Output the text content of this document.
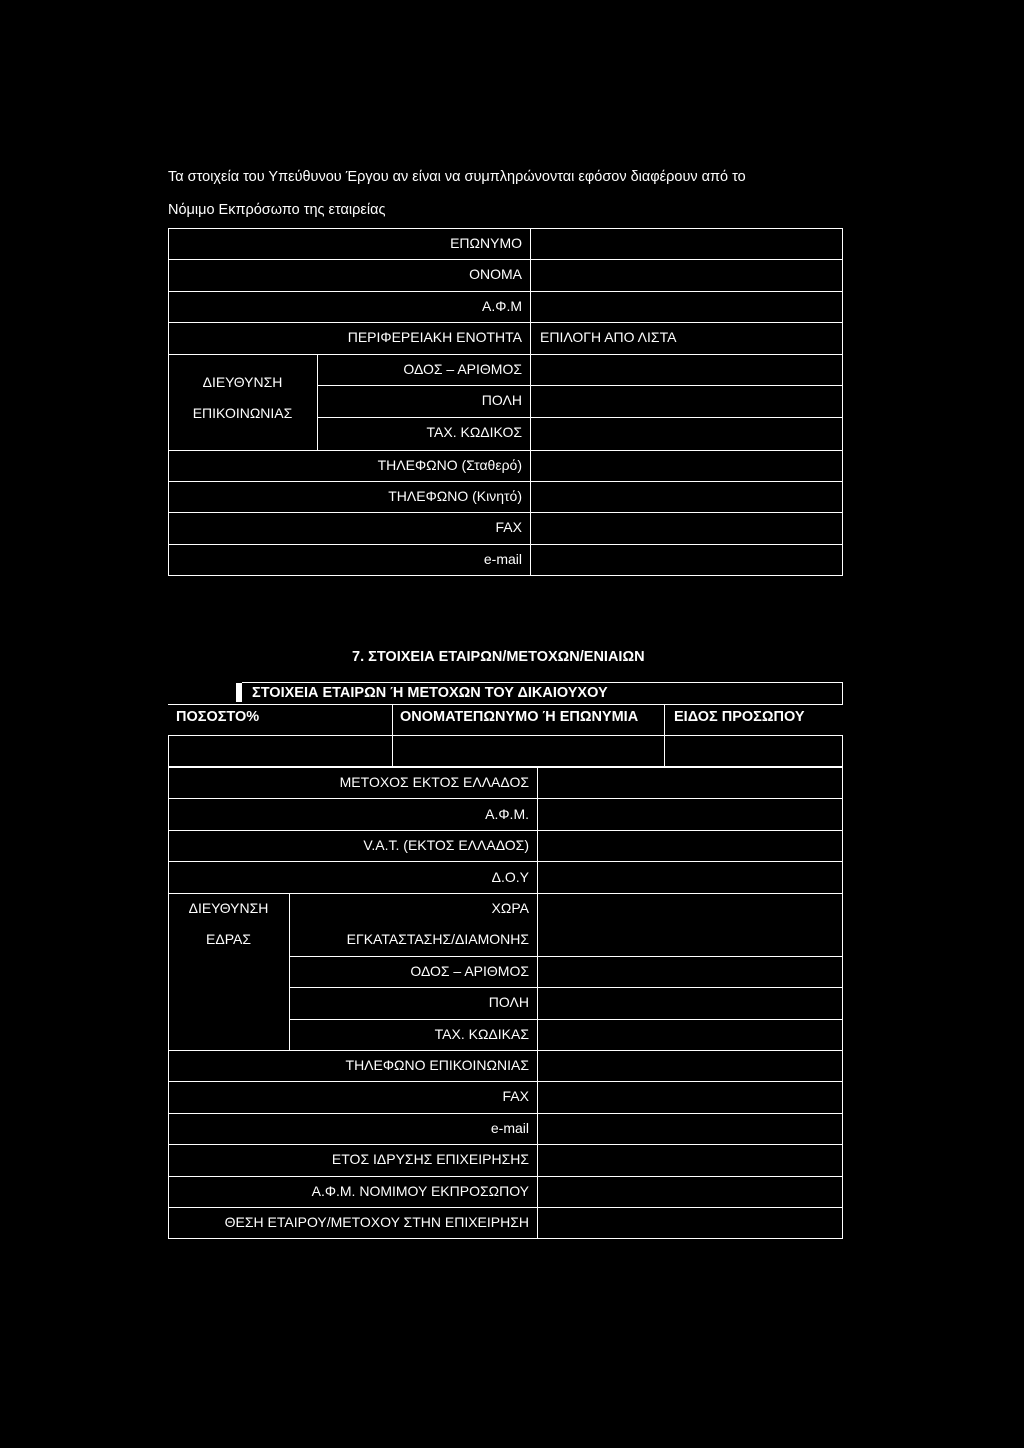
Τα στοιχεία του Υπεύθυνου Έργου αν είναι να συμπληρώνονται εφόσον διαφέρουν από το
Νόμιμο Εκπρόσωπο της εταιρείας
ΕΠΩΝΥΜΟ
ΟΝΟΜΑ
Α.Φ.Μ
ΠΕΡΙΦΕΡΕΙΑΚΗ ΕΝΟΤΗΤΑ ΕΠΙΛΟΓΗ ΑΠΟ ΛΙΣΤΑ
ΔΙΕΥΘΥΝΣΗ
ΕΠΙΚΟΙΝΩΝΙΑΣ
ΟΔΟΣ – ΑΡΙΘΜΟΣ
ΠΟΛΗ
ΤΑΧ. ΚΩΔΙΚΟΣ
ΤΗΛΕΦΩΝΟ (Σταθερό)
ΤΗΛΕΦΩΝΟ (Κινητό)
FAX
e-mail
7. ΣΤΟΙΧΕΙΑ ΕΤΑΙΡΩΝ/ΜΕΤΟΧΩΝ/ΕΝΙΑΙΩΝ
ΣΤΟΙΧΕΙΑ ΕΤΑΙΡΩΝ Ή ΜΕΤΟΧΩΝ ΤΟΥ ΔΙΚΑΙΟΥΧΟΥ
ΠΟΣΟΣΤΟ%	ΟΝΟΜΑΤΕΠΩΝΥΜΟ Ή ΕΠΩΝΥΜΙΑ ΕΙΔΟΣ ΠΡΟΣΩΠΟΥ
ΜΕΤΟΧΟΣ ΕΚΤΟΣ ΕΛΛΑΔΟΣ
Α.Φ.Μ.
V.A.T. (ΕΚΤΟΣ ΕΛΛΑΔΟΣ)
Δ.Ο.Υ
ΔΙΕΥΘΥΝΣΗ
ΕΔΡΑΣ
ΧΩΡΑ
ΕΓΚΑΤΑΣΤΑΣΗΣ/ΔΙΑΜΟΝΗΣ
ΟΔΟΣ – ΑΡΙΘΜΟΣ
ΠΟΛΗ
ΤΑΧ. ΚΩΔΙΚΑΣ
ΤΗΛΕΦΩΝΟ ΕΠΙΚΟΙΝΩΝΙΑΣ
FAX
e-mail
ΕΤΟΣ ΙΔΡΥΣΗΣ ΕΠΙΧΕΙΡΗΣΗΣ
Α.Φ.Μ. ΝΟΜΙΜΟΥ ΕΚΠΡΟΣΩΠΟΥ
ΘΕΣΗ ΕΤΑΙΡΟΥ/ΜΕΤΟΧΟΥ ΣΤΗΝ ΕΠΙΧΕΙΡΗΣΗ
